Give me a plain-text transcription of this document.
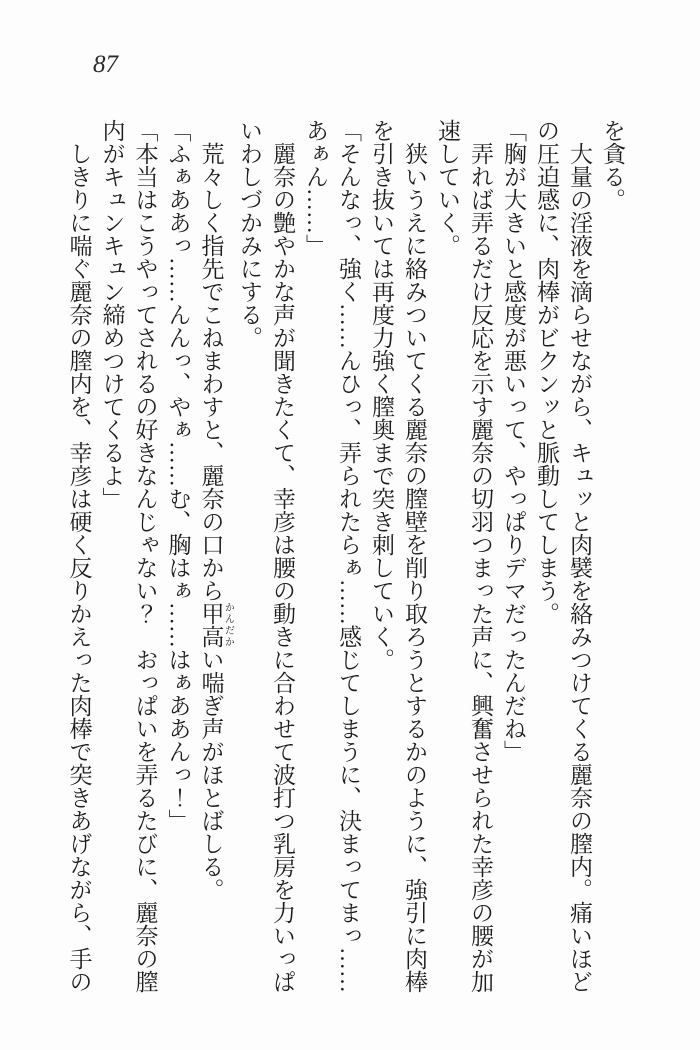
87

を貪る。

　大量の淫液を滴らせながら、キュッと肉襞を絡みつけてくる麗奈の膣内。痛いほど

の圧迫感に、肉棒がビクンッと脈動してしまう。

「胸が大きいと感度が悪いって、やっぱりデマだったんだね」

　弄れば弄るだけ反応を示す麗奈の切羽つまった声に、興奮させられた幸彦の腰が加

速していく。

　狭いうえに絡みついてくる麗奈の膣壁を削り取ろうとするかのように、強引に肉棒

を引き抜いては再度力強く膣奥まで突き刺していく。

「そんなっ、強く……んひっ、弄られたらぁ……感じてしまうに、決まってまっ……

あぁん……」

　麗奈の艶やかな声が聞きたくて、幸彦は腰の動きに合わせて波打つ乳房を力いっぱ

いわしづかみにする。

　荒々しく指先でこねまわすと、麗奈の口から甲高 かんだかい喘ぎ声がほとばしる。

「ふぁああっ……んんっ、やぁ……む、胸はぁ……はぁああんっ！」

「本当はこうやってされるの好きなんじゃない？　おっぱいを弄るたびに、麗奈の膣

内がキュンキュン締めつけてくるよ」

　しきりに喘ぐ麗奈の膣内を、幸彦は硬く反りかえった肉棒で突きあげながら、手の
